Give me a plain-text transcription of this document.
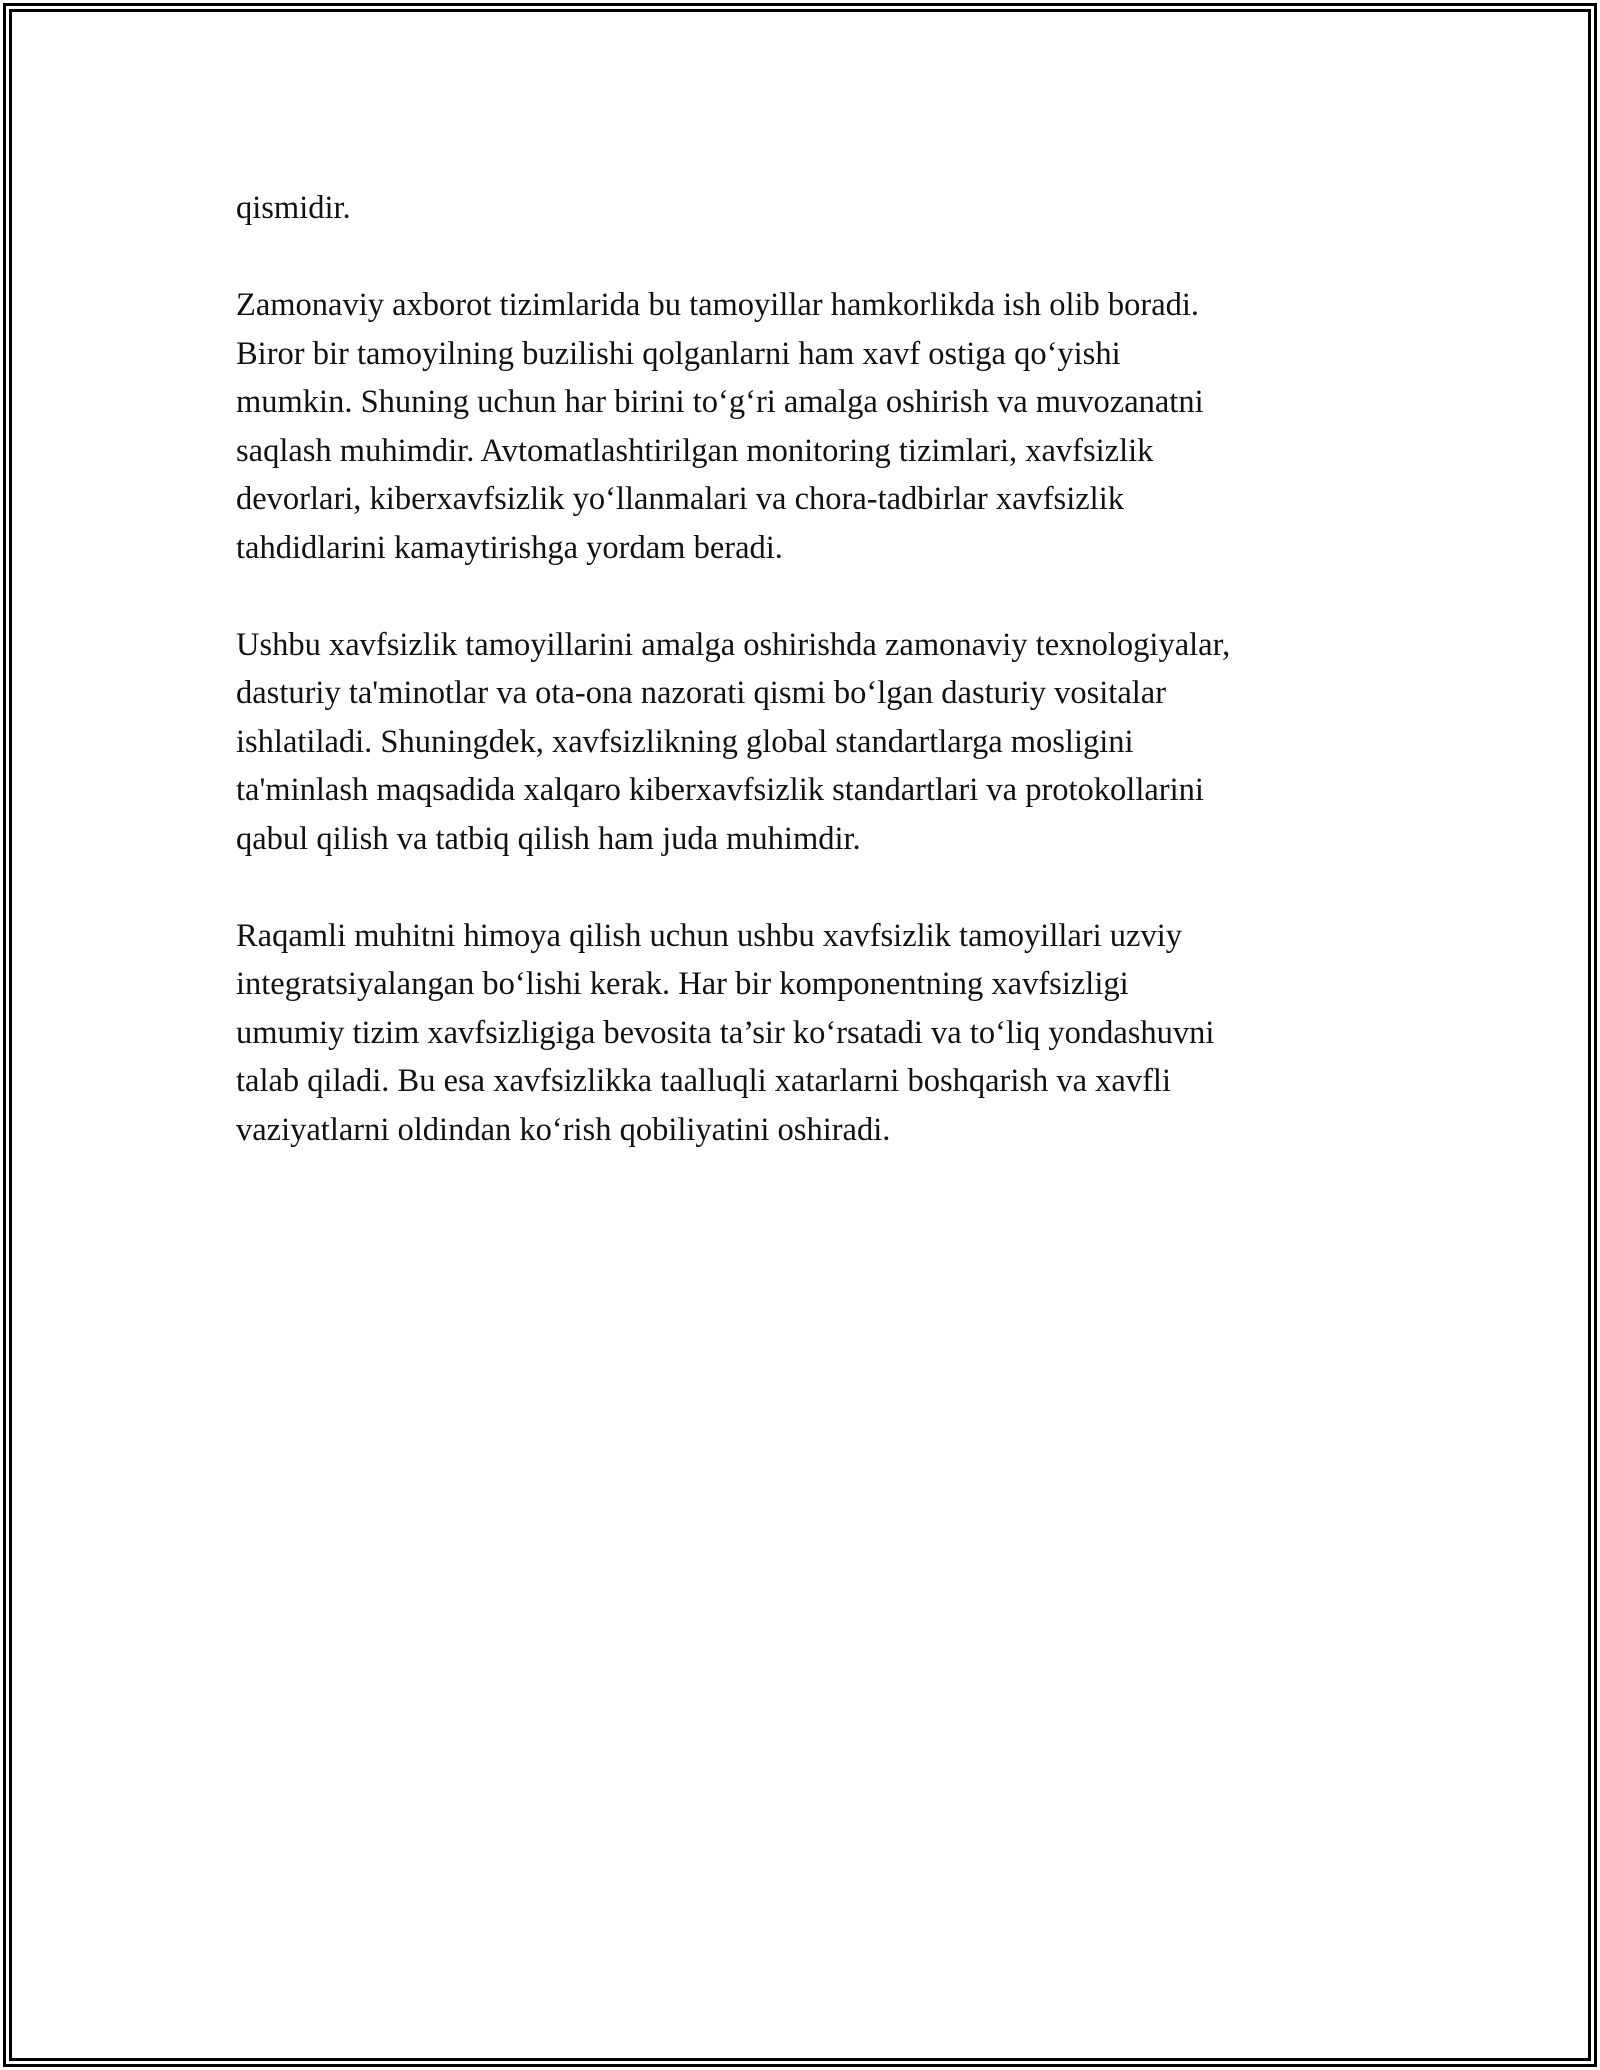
qismidir.

Zamonaviy axborot tizimlarida bu tamoyillar hamkorlikda ish olib boradi.
Biror bir tamoyilning buzilishi qolganlarni ham xavf ostiga qo‘yishi
mumkin. Shuning uchun har birini to‘g‘ri amalga oshirish va muvozanatni
saqlash muhimdir. Avtomatlashtirilgan monitoring tizimlari, xavfsizlik
devorlari, kiberxavfsizlik yo‘llanmalari va chora-tadbirlar xavfsizlik
tahdidlarini kamaytirishga yordam beradi.

Ushbu xavfsizlik tamoyillarini amalga oshirishda zamonaviy texnologiyalar,
dasturiy ta'minotlar va ota-ona nazorati qismi bo‘lgan dasturiy vositalar
ishlatiladi. Shuningdek, xavfsizlikning global standartlarga mosligini
ta'minlash maqsadida xalqaro kiberxavfsizlik standartlari va protokollarini
qabul qilish va tatbiq qilish ham juda muhimdir.

Raqamli muhitni himoya qilish uchun ushbu xavfsizlik tamoyillari uzviy
integratsiyalangan bo‘lishi kerak. Har bir komponentning xavfsizligi
umumiy tizim xavfsizligiga bevosita ta’sir ko‘rsatadi va to‘liq yondashuvni
talab qiladi. Bu esa xavfsizlikka taalluqli xatarlarni boshqarish va xavfli
vaziyatlarni oldindan ko‘rish qobiliyatini oshiradi.
